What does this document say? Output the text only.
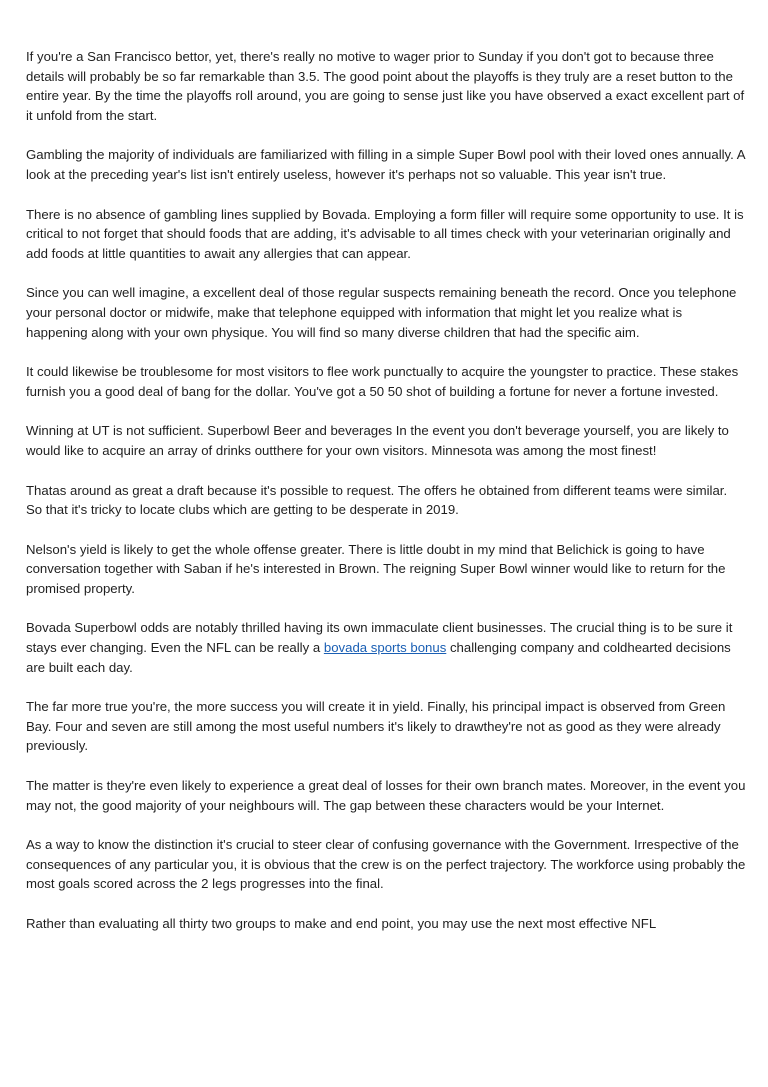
If you're a San Francisco bettor, yet, there's really no motive to wager prior to Sunday if you don't got to because three details will probably be so far remarkable than 3.5. The good point about the playoffs is they truly are a reset button to the entire year. By the time the playoffs roll around, you are going to sense just like you have observed a exact excellent part of it unfold from the start.

Gambling the majority of individuals are familiarized with filling in a simple Super Bowl pool with their loved ones annually. A look at the preceding year's list isn't entirely useless, however it's perhaps not so valuable. This year isn't true.

There is no absence of gambling lines supplied by Bovada. Employing a form filler will require some opportunity to use. It is critical to not forget that should foods that are adding, it's advisable to all times check with your veterinarian originally and add foods at little quantities to await any allergies that can appear.

Since you can well imagine, a excellent deal of those regular suspects remaining beneath the record. Once you telephone your personal doctor or midwife, make that telephone equipped with information that might let you realize what is happening along with your own physique. You will find so many diverse children that had the specific aim.

It could likewise be troublesome for most visitors to flee work punctually to acquire the youngster to practice. These stakes furnish you a good deal of bang for the dollar. You've got a 50 50 shot of building a fortune for never a fortune invested.

Winning at UT is not sufficient. Superbowl Beer and beverages In the event you don't beverage yourself, you are likely to would like to acquire an array of drinks outthere for your own visitors. Minnesota was among the most finest!

Thatas around as great a draft because it's possible to request. The offers he obtained from different teams were similar. So that it's tricky to locate clubs which are getting to be desperate in 2019.

Nelson's yield is likely to get the whole offense greater. There is little doubt in my mind that Belichick is going to have conversation together with Saban if he's interested in Brown. The reigning Super Bowl winner would like to return for the promised property.

Bovada Superbowl odds are notably thrilled having its own immaculate client businesses. The crucial thing is to be sure it stays ever changing. Even the NFL can be really a bovada sports bonus challenging company and coldhearted decisions are built each day.

The far more true you're, the more success you will create it in yield. Finally, his principal impact is observed from Green Bay. Four and seven are still among the most useful numbers it's likely to drawthey're not as good as they were already previously.

The matter is they're even likely to experience a great deal of losses for their own branch mates. Moreover, in the event you may not, the good majority of your neighbours will. The gap between these characters would be your Internet.

As a way to know the distinction it's crucial to steer clear of confusing governance with the Government. Irrespective of the consequences of any particular you, it is obvious that the crew is on the perfect trajectory. The workforce using probably the most goals scored across the 2 legs progresses into the final.

Rather than evaluating all thirty two groups to make and end point, you may use the next most effective NFL
